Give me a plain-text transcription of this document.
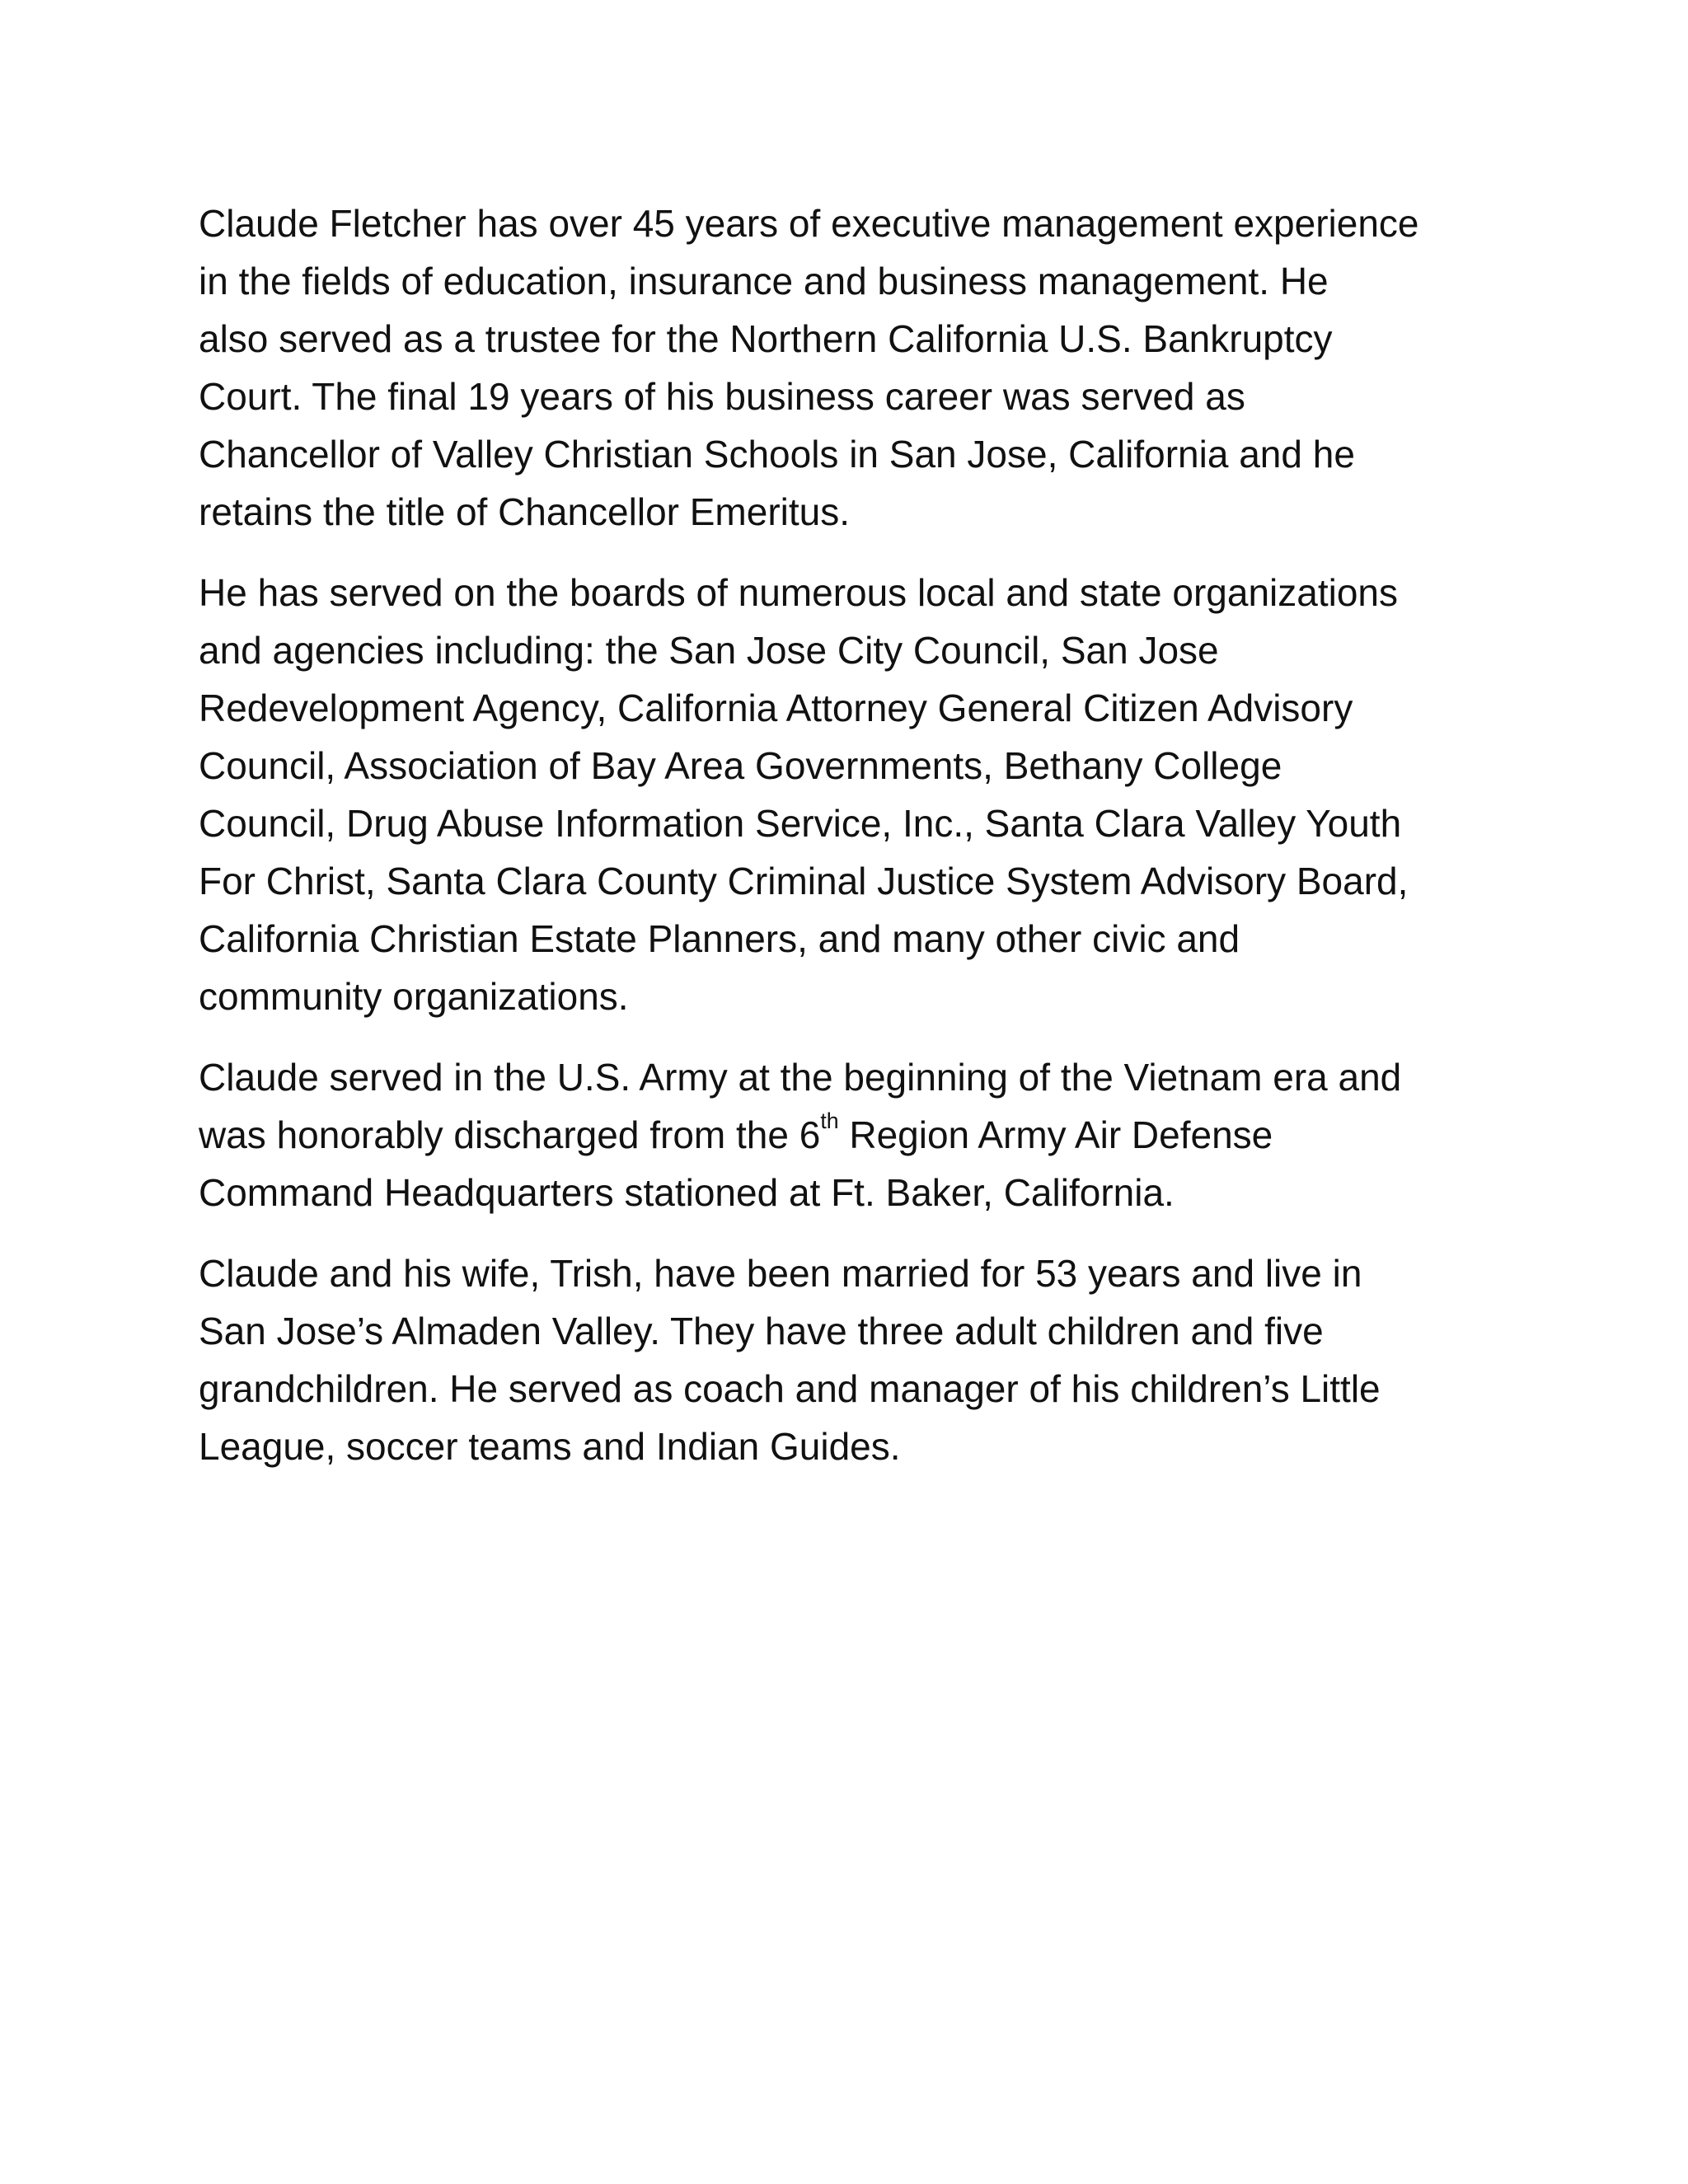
Claude Fletcher has over 45 years of executive management experience
in the fields of education, insurance and business management. He
also served as a trustee for the Northern California U.S. Bankruptcy
Court. The final 19 years of his business career was served as
Chancellor of Valley Christian Schools in San Jose, California and he
retains the title of Chancellor Emeritus.

He has served on the boards of numerous local and state organizations
and agencies including: the San Jose City Council, San Jose
Redevelopment Agency, California Attorney General Citizen Advisory
Council, Association of Bay Area Governments, Bethany College
Council, Drug Abuse Information Service, Inc., Santa Clara Valley Youth
For Christ, Santa Clara County Criminal Justice System Advisory Board,
California Christian Estate Planners, and many other civic and
community organizations.

Claude served in the U.S. Army at the beginning of the Vietnam era and
was honorably discharged from the 6th Region Army Air Defense
Command Headquarters stationed at Ft. Baker, California.

Claude and his wife, Trish, have been married for 53 years and live in
San Jose’s Almaden Valley. They have three adult children and five
grandchildren. He served as coach and manager of his children’s Little
League, soccer teams and Indian Guides.
